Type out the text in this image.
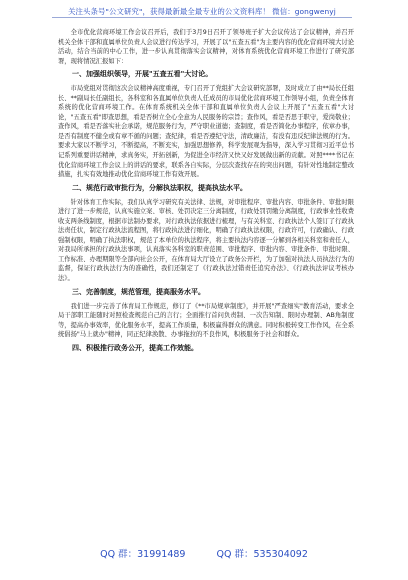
关注头条号"公文研究"，获得最新最全最专业的公文资料库！ 微信：gongwenyj

全市优化营商环境工作会议召开后，我们于3月9日召开了领导班子扩大会议传达了会议精神，并召开机关全体干部和直属单位负责人会议进行传达学习，开展了以"五查五看"为主要内容的优化营商环境大讨论活动，结合当前的中心工作，进一步认真贯彻落实会议精神，对体育系统优化营商环境工作进行了研究部署，现将情况汇报如下：

一、加强组织领导，开展"五查五看"大讨论。

市局党组对贯彻这次会议精神高度重视，专门召开了党组扩大会议研究部署，及时成立了由**局长任组长、**副局长任副组长，各科室和各直属单位负责人任成员的市局优化营商环境工作领导小组，负责全体育系统的优化营商环境工作。在体育系统机关全体干部和直属单位负责人会议上开展了"五查五看"大讨论，"五查五看"即查思想，看是否树立全心全意为人民服务的宗旨；查作风，看是否思于职守，爱岗敬业；查作风，看是否落实社会承诺，规范服务行为，严守职业道德；查制度，看是否简化办事程序，依章办事，是否有制度不健全或有章不循的问题；查纪律，看是否遵纪守法，清政廉洁，有没有违反纪律法规的行为。要求大家以不断学习，不断提高，不断充实，加强思想修养，科学发展观为指导，深入学习贯彻习近平总书记系列重要讲话精神，求真务实，开拓创新，为促进全市经济又快又好发展做出新的贡献。对照****书记在优化营商环境工作会议上的讲话的要求，联系各自实际，分层次查找存在的突出问题，有针对性地制定整改措施，扎实有效地推动优化营商环境工作有效开展。

二、规范行政审批行为，分解执法职权，提高执法水平。

针对体育工作实际，我们认真学习研究有关法律、法规，对审批程序、审批内容、审批条件、审批时限进行了进一步规范，认真实施立案、审核、处罚决定三分离制度，行政处罚罚缴分离制度，行政事业性收费收支两条线制度，根据市法制办要求，对行政执法依据进行梳理，与有关科室、行政执法个人签订了行政执法责任状，制定行政执法流程图，将行政执法进行细化，明确了行政执法权限，行政许可，行政确认、行政强制权限，明确了执法职权，规范了本单位的执法程序，将主要执法内容逐一分解到各相关科室和责任人，对我局所承担的行政执法事项，认真落实各科室的职责范围、审批程序、审批内容、审批条件、审批时限、工作标准、办理期限等全部向社会公开，在体育局大厅设立了政务公开栏，为了加强对执法人员执法行为的监督，保证行政执法行为的准确性，我们还制定了《行政执法过错责任追究办法》、《行政执法评议考核办法》。

三、完善制度，规范管理，提高服务水平。

我们进一步完善了体育局工作规范，修订了《**市局规章制度》，并开展"严查细实"教育活动，要求全局干部职工能随时对照检查规范自己的言行；全面推行首问负责制、一次告知制、限时办理制、AB角制度等，提高办事效率，优化服务水平，提高工作质量，积极赢得群众的满意。同时积极转变工作作风，在全系统倡扬"马上就办"精神，同正纪律涣散、办事拖拉的不良作风，积极服务于社会和群众。

四、积极推行政务公开，提高工作效能。
QQ 群：31991489	QQ 群：535304092
